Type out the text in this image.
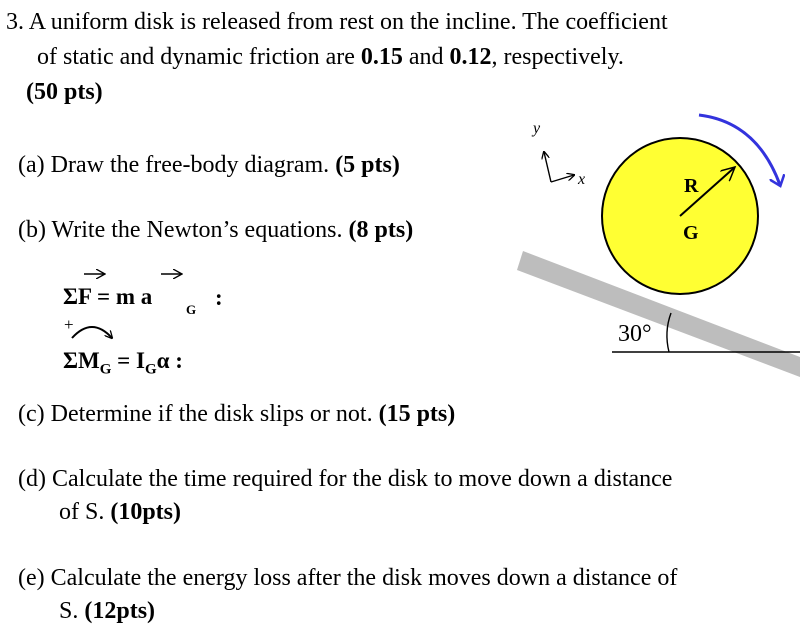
3. A uniform disk is released from rest on the incline. The coefficient
of static and dynamic friction are 0.15 and 0.12, respectively.
(50 pts)
(a) Draw the free-body diagram. (5 pts)
(b) Write the Newton’s equations. (8 pts)
ΣF = m a
G :
+
$\Sigma M_G = I_G\alpha$ :
(c) Determine if the disk slips or not. (15 pts)
(d) Calculate the time required for the disk to move down a distance
of S. (10pts)
(e) Calculate the energy loss after the disk moves down a distance of
S. (12pts)
y
x
30°
R
G
